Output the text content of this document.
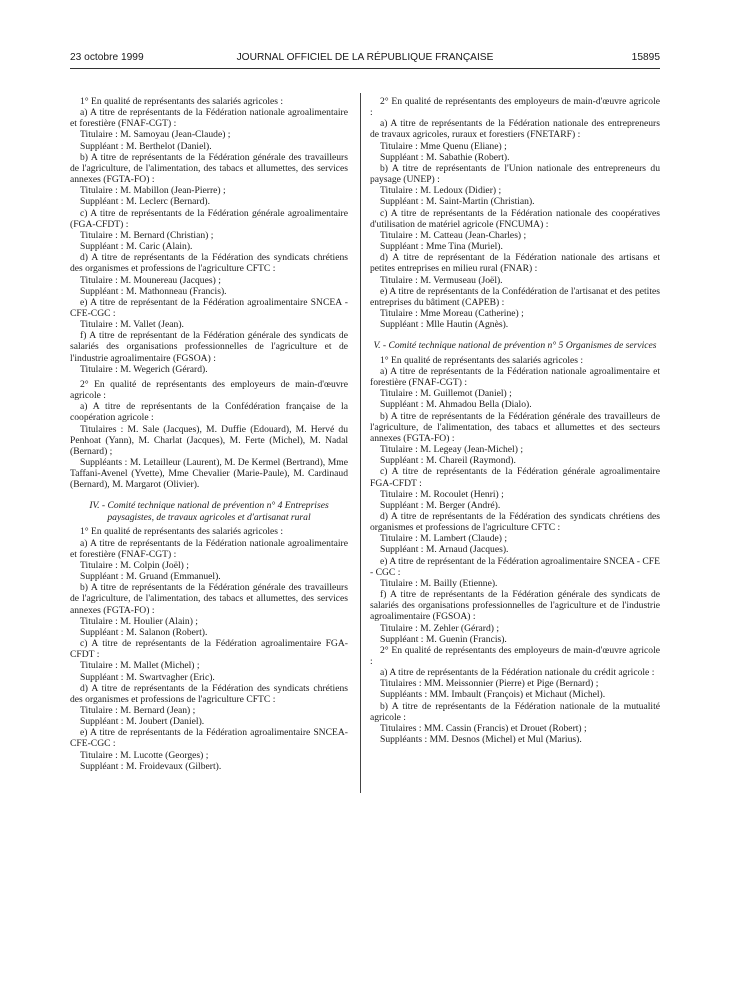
23 octobre 1999	JOURNAL OFFICIEL DE LA RÉPUBLIQUE FRANÇAISE	15895

1° En qualité de représentants des salariés agricoles :

a) A titre de représentants de la Fédération nationale agroalimentaire et forestière (FNAF-CGT) :

Titulaire : M. Samoyau (Jean-Claude) ;

Suppléant : M. Berthelot (Daniel).

b) A titre de représentants de la Fédération générale des travailleurs de l'agriculture, de l'alimentation, des tabacs et allumettes, des services annexes (FGTA-FO) :

Titulaire : M. Mabillon (Jean-Pierre) ;

Suppléant : M. Leclerc (Bernard).

c) A titre de représentants de la Fédération générale agroalimentaire (FGA-CFDT) :

Titulaire : M. Bernard (Christian) ;

Suppléant : M. Caric (Alain).

d) A titre de représentants de la Fédération des syndicats chrétiens des organismes et professions de l'agriculture CFTC :

Titulaire : M. Mounereau (Jacques) ;

Suppléant : M. Mathonneau (Francis).

e) A titre de représentant de la Fédération agroalimentaire SNCEA - CFE-CGC :

Titulaire : M. Vallet (Jean).

f) A titre de représentant de la Fédération générale des syndicats de salariés des organisations professionnelles de l'agriculture et de l'industrie agroalimentaire (FGSOA) :

Titulaire : M. Wegerich (Gérard).

2° En qualité de représentants des employeurs de main-d'œuvre agricole :

a) A titre de représentants de la Confédération française de la coopération agricole :

Titulaires : M. Sale (Jacques), M. Duffie (Edouard), M. Hervé du Penhoat (Yann), M. Charlat (Jacques), M. Ferte (Michel), M. Nadal (Bernard) ;

Suppléants : M. Letailleur (Laurent), M. De Kermel (Bertrand), Mme Taffani-Avenel (Yvette), Mme Chevalier (Marie-Paule), M. Cardinaud (Bernard), M. Margarot (Olivier).

IV. - Comité technique national de prévention n° 4 Entreprises paysagistes, de travaux agricoles et d'artisanat rural

1° En qualité de représentants des salariés agricoles :

a) A titre de représentants de la Fédération nationale agroalimentaire et forestière (FNAF-CGT) :

Titulaire : M. Colpin (Joël) ;

Suppléant : M. Gruand (Emmanuel).

b) A titre de représentants de la Fédération générale des travailleurs de l'agriculture, de l'alimentation, des tabacs et allumettes, des services annexes (FGTA-FO) :

Titulaire : M. Houlier (Alain) ;

Suppléant : M. Salanon (Robert).

c) A titre de représentants de la Fédération agroalimentaire FGA-CFDT :

Titulaire : M. Mallet (Michel) ;

Suppléant : M. Swartvagher (Eric).

d) A titre de représentants de la Fédération des syndicats chrétiens des organismes et professions de l'agriculture CFTC :

Titulaire : M. Bernard (Jean) ;

Suppléant : M. Joubert (Daniel).

e) A titre de représentants de la Fédération agroalimentaire SNCEA-CFE-CGC :

Titulaire : M. Lucotte (Georges) ;

Suppléant : M. Froidevaux (Gilbert).

2° En qualité de représentants des employeurs de main-d'œuvre agricole :

a) A titre de représentants de la Fédération nationale des entrepreneurs de travaux agricoles, ruraux et forestiers (FNETARF) :

Titulaire : Mme Quenu (Eliane) ;

Suppléant : M. Sabathie (Robert).

b) A titre de représentants de l'Union nationale des entrepreneurs du paysage (UNEP) :

Titulaire : M. Ledoux (Didier) ;

Suppléant : M. Saint-Martin (Christian).

c) A titre de représentants de la Fédération nationale des coopératives d'utilisation de matériel agricole (FNCUMA) :

Titulaire : M. Catteau (Jean-Charles) ;

Suppléant : Mme Tina (Muriel).

d) A titre de représentant de la Fédération nationale des artisans et petites entreprises en milieu rural (FNAR) :

Titulaire : M. Vermuseau (Joël).

e) A titre de représentants de la Confédération de l'artisanat et des petites entreprises du bâtiment (CAPEB) :

Titulaire : Mme Moreau (Catherine) ;

Suppléant : Mlle Hautin (Agnès).

V. - Comité technique national de prévention n° 5 Organismes de services

1° En qualité de représentants des salariés agricoles :

a) A titre de représentants de la Fédération nationale agroalimentaire et forestière (FNAF-CGT) :

Titulaire : M. Guillemot (Daniel) ;

Suppléant : M. Ahmadou Bella (Dialo).

b) A titre de représentants de la Fédération générale des travailleurs de l'agriculture, de l'alimentation, des tabacs et allumettes et des secteurs annexes (FGTA-FO) :

Titulaire : M. Legeay (Jean-Michel) ;

Suppléant : M. Chareil (Raymond).

c) A titre de représentants de la Fédération générale agroalimentaire FGA-CFDT :

Titulaire : M. Rocoulet (Henri) ;

Suppléant : M. Berger (André).

d) A titre de représentants de la Fédération des syndicats chrétiens des organismes et professions de l'agriculture CFTC :

Titulaire : M. Lambert (Claude) ;

Suppléant : M. Arnaud (Jacques).

e) A titre de représentant de la Fédération agroalimentaire SNCEA - CFE - CGC :

Titulaire : M. Bailly (Etienne).

f) A titre de représentants de la Fédération générale des syndicats de salariés des organisations professionnelles de l'agriculture et de l'industrie agroalimentaire (FGSOA) :

Titulaire : M. Zehler (Gérard) ;

Suppléant : M. Guenin (Francis).

2° En qualité de représentants des employeurs de main-d'œuvre agricole :

a) A titre de représentants de la Fédération nationale du crédit agricole :

Titulaires : MM. Meissonnier (Pierre) et Pige (Bernard) ;

Suppléants : MM. Imbault (François) et Michaut (Michel).

b) A titre de représentants de la Fédération nationale de la mutualité agricole :

Titulaires : MM. Cassin (Francis) et Drouet (Robert) ;

Suppléants : MM. Desnos (Michel) et Mul (Marius).
